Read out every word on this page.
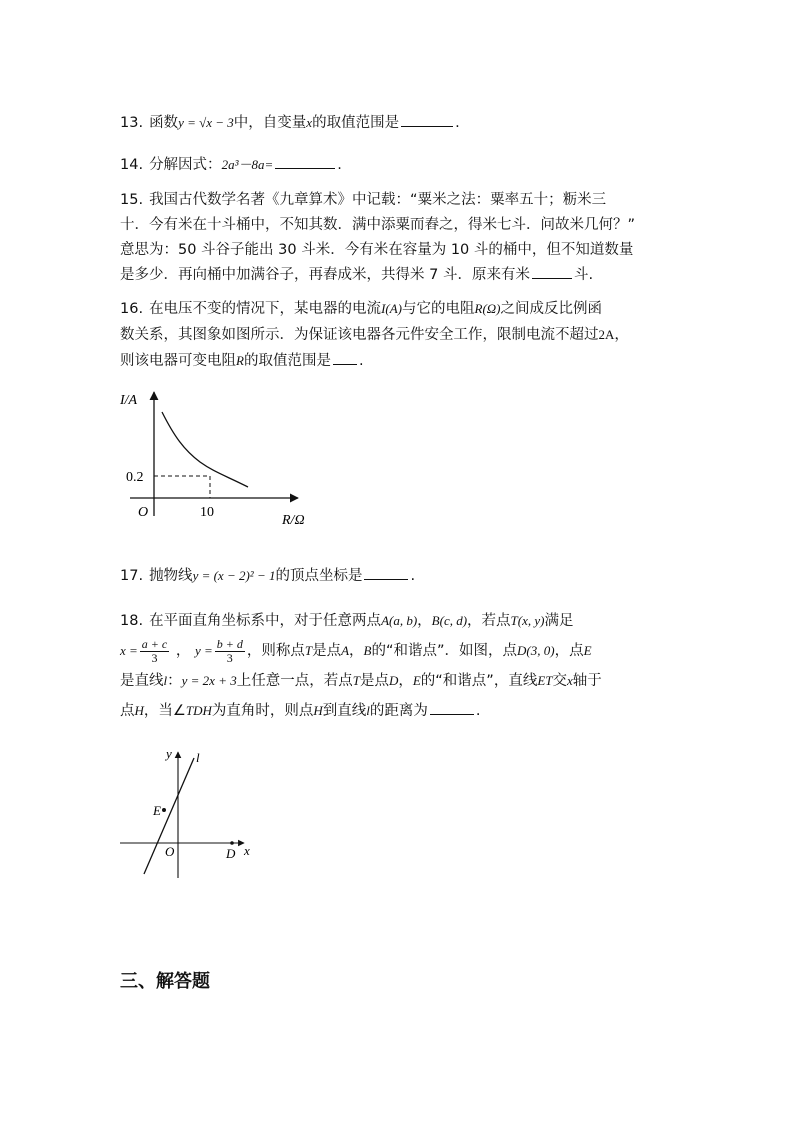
13. 函数y = √x − 3中，自变量x的取值范围是	.
14. 分解因式：2a³－8a=	.
15. 我国古代数学名著《九章算术》中记载：“粟米之法：粟率五十；粝米三
十．今有米在十斗桶中，不知其数．满中添粟而舂之，得米七斗．问故米几何？”
意思为：50 斗谷子能出 30 斗米．今有米在容量为 10 斗的桶中，但不知道数量
是多少．再向桶中加满谷子，再舂成米，共得米 7 斗．原来有米	斗.
16. 在电压不变的情况下，某电器的电流I(A)与它的电阻R(Ω)之间成反比例函
数关系，其图象如图所示．为保证该电器各元件安全工作，限制电流不超过2A，
则该电器可变电阻R的取值范围是 .
I/A
R/Ω
O
0.2
10
17. 抛物线y = (x − 2)² − 1的顶点坐标是	.
18. 在平面直角坐标系中，对于任意两点A(a, b)，B(c, d)，若点T(x, y)满足
$x = \frac{a + c}{3}$ ， $y = \frac{b + d}{3}$ ，则称点T是点A，B的“和谐点”．如图，点D(3, 0)，点E
是直线l：y = 2x + 3上任意一点，若点T是点D，E的“和谐点”，直线ET交x轴于
点H，当∠TDH为直角时，则点H到直线l的距离为	.
y l
E
O	D x
三、解答题
